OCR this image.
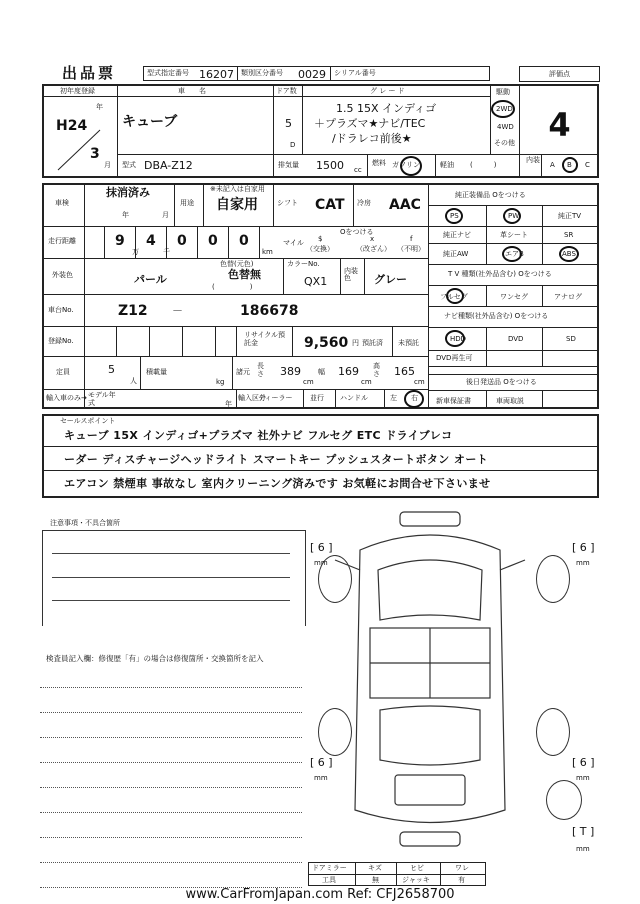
出品票	型式指定番号 16207 類別区分番号 0029 シリアル番号	評価点
初年度登録
年
H24
3
月
車　　名
キューブ
ドア数
5
D
グ レ ー ド
1.5 15X インディゴ
＋プラズマ★ナビ/TEC
/ドラレコ前後★
駆動
2WD
4WD
その他	4
型式 DBA-Z12	排気量 1500 cc
燃料 ガソリン	軽油 (　　　)
内装
A B C
車検
抹消済み
年	月
用途
※未記入は自家用
自家用	シフト CAT 冷房 AAC
走行距離	9
万
4
千
0 0 0
km
マイル
Oをつける
$
（交換）
x
（改ざん）
f
（不明）
外装色	パール
色替(元色)
色替無
(　　　　　)
カラーNo.
QX1
内装色	グレー
車台No.	Z12 －	186678
登録No.
リサイクル預託金	9,560 円 預託済 未預託
定員	5
人
積載量
kg
諸元
長さ 389
cm
幅 169
cm
高さ 165
cm
輸入車のみ→ モデル年式	年
輸入区分
ディーラー	並行 ハンドル	左 右
純正装備品 Oをつける
PS	PW	純正TV
純正ナビ	革シート	SR
純正AW	エアB	ABS
T V 種類(社外品含む) Oをつける
フルセグ	ワンセグ	アナログ
ナビ種類(社外品含む) Oをつける
HDD	DVD	SD
DVD再生可
後日発送品 Oをつける
新車保証書	車両取説
セールスポイント
キューブ 15X インディゴ+プラズマ 社外ナビ フルセグ ETC ドライブレコ
ーダー ディスチャージヘッドライト スマートキー プッシュスタートボタン オート
エアコン 禁煙車 事故なし 室内クリーニング済みです お気軽にお問合せ下さいませ
注意事項・不具合箇所
検査員記入欄：修復歴「有」の場合は修復箇所・交換箇所を記入
[ 6 ]
mm
[ 6 ]
mm
[ 6 ]
mm
[ 6 ]
mm
[ T ]
mm
ドアミラー	キズ	ヒビ	ワレ
工具	無	ジャッキ	有
www.CarFromJapan.com Ref: CFJ2658700
